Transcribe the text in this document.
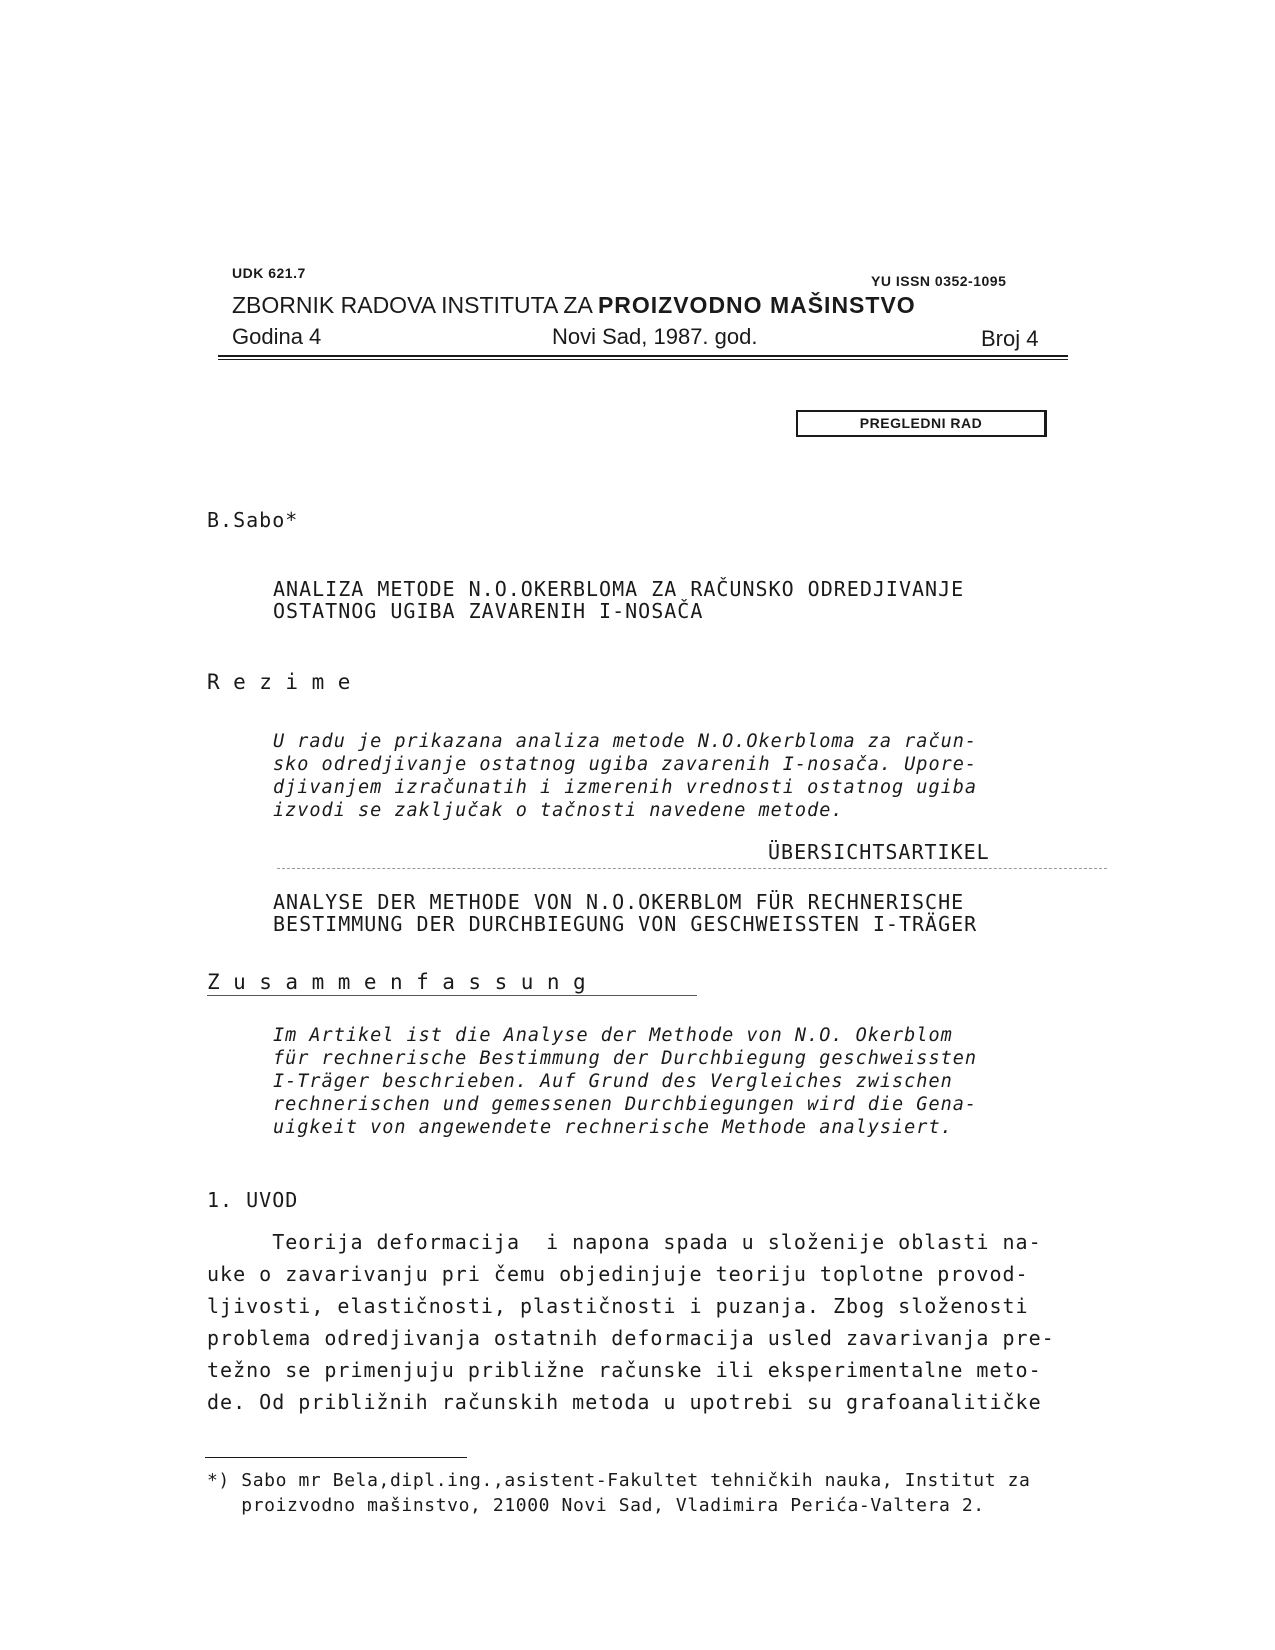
UDK 621.7	YU ISSN 0352-1095
ZBORNIK RADOVA INSTITUTA ZA PROIZVODNO MAŠINSTVO
Godina 4	Novi Sad, 1987. god.	Broj 4
PREGLEDNI RAD
B.Sabo*
ANALIZA METODE N.O.OKERBLOMA ZA RAČUNSKO ODREDJIVANJE
OSTATNOG UGIBA ZAVARENIH I-NOSAČA
Rezime
U radu je prikazana analiza metode N.O.Okerbloma za račun-
sko odredjivanje ostatnog ugiba zavarenih I-nosača. Upore-
djivanjem izračunatih i izmerenih vrednosti ostatnog ugiba
izvodi se zaključak o tačnosti navedene metode.
ÜBERSICHTSARTIKEL
ANALYSE DER METHODE VON N.O.OKERBLOM FÜR RECHNERISCHE
BESTIMMUNG DER DURCHBIEGUNG VON GESCHWEISSTEN I-TRÄGER
Zusammenfassung
Im Artikel ist die Analyse der Methode von N.O. Okerblom
für rechnerische Bestimmung der Durchbiegung geschweissten
I-Träger beschrieben. Auf Grund des Vergleiches zwischen
rechnerischen und gemessenen Durchbiegungen wird die Gena-
uigkeit von angewendete rechnerische Methode analysiert.
1. UVOD
Teorija deformacija  i napona spada u složenije oblasti na-
uke o zavarivanju pri čemu objedinjuje teoriju toplotne provod-
ljivosti, elastičnosti, plastičnosti i puzanja. Zbog složenosti
problema odredjivanja ostatnih deformacija usled zavarivanja pre-
težno se primenjuju približne računske ili eksperimentalne meto-
de. Od približnih računskih metoda u upotrebi su grafoanalitičke
*) Sabo mr Bela,dipl.ing.,asistent-Fakultet tehničkih nauka, Institut za
proizvodno mašinstvo, 21000 Novi Sad, Vladimira Perića-Valtera 2.
